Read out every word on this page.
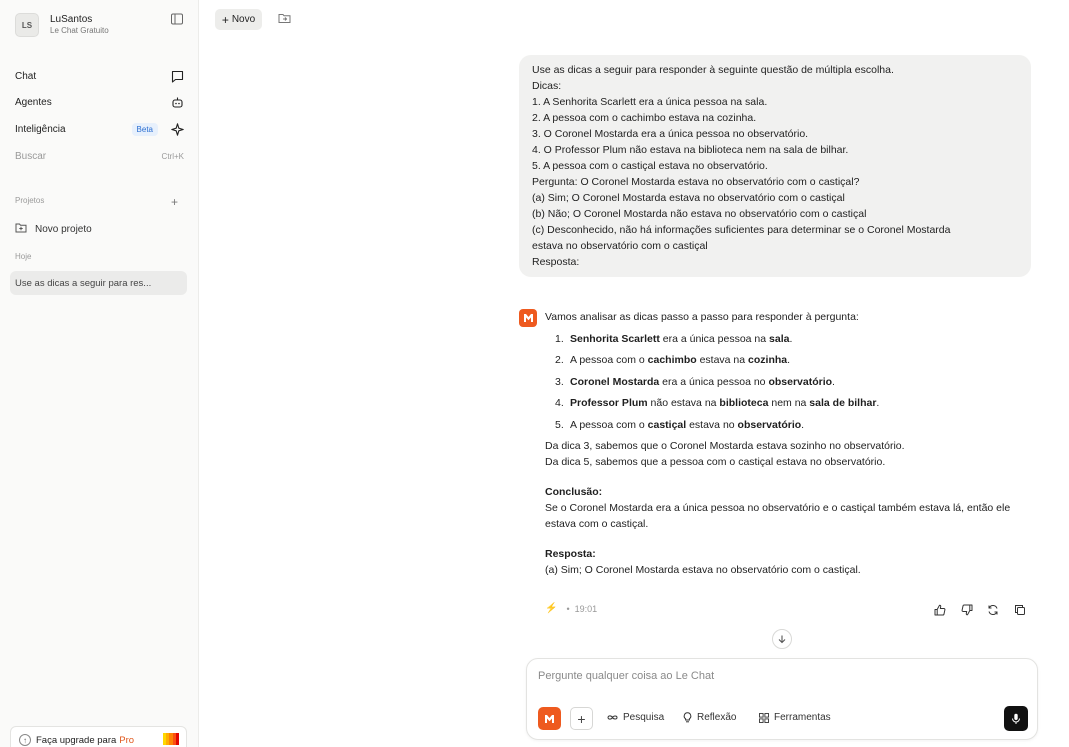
LS	LuSantos
Le Chat Gratuito
Chat
Agentes
Inteligência	Beta
Buscar	Ctrl+K
Projetos	+
Novo projeto
Hoje
Use as dicas a seguir para res...
↑ Faça upgrade para Pro
+ Novo
Use as dicas a seguir para responder à seguinte questão de múltipla escolha.
Dicas:
1. A Senhorita Scarlett era a única pessoa na sala.
2. A pessoa com o cachimbo estava na cozinha.
3. O Coronel Mostarda era a única pessoa no observatório.
4. O Professor Plum não estava na biblioteca nem na sala de bilhar.
5. A pessoa com o castiçal estava no observatório.
Pergunta: O Coronel Mostarda estava no observatório com o castiçal?
(a) Sim; O Coronel Mostarda estava no observatório com o castiçal
(b) Não; O Coronel Mostarda não estava no observatório com o castiçal
(c) Desconhecido, não há informações suficientes para determinar se o Coronel Mostarda
estava no observatório com o castiçal
Resposta:
Vamos analisar as dicas passo a passo para responder à pergunta:
1. Senhorita Scarlett era a única pessoa na sala.
2. A pessoa com o cachimbo estava na cozinha.
3. Coronel Mostarda era a única pessoa no observatório.
4. Professor Plum não estava na biblioteca nem na sala de bilhar.
5. A pessoa com o castiçal estava no observatório.
Da dica 3, sabemos que o Coronel Mostarda estava sozinho no observatório.
Da dica 5, sabemos que a pessoa com o castiçal estava no observatório.
Conclusão:
Se o Coronel Mostarda era a única pessoa no observatório e o castiçal também estava lá, então ele estava com o castiçal.
Resposta:
(a) Sim; O Coronel Mostarda estava no observatório com o castiçal.
⚡ • 19:01
Pergunte qualquer coisa ao Le Chat
+	Pesquisa	Reflexão	Ferramentas
